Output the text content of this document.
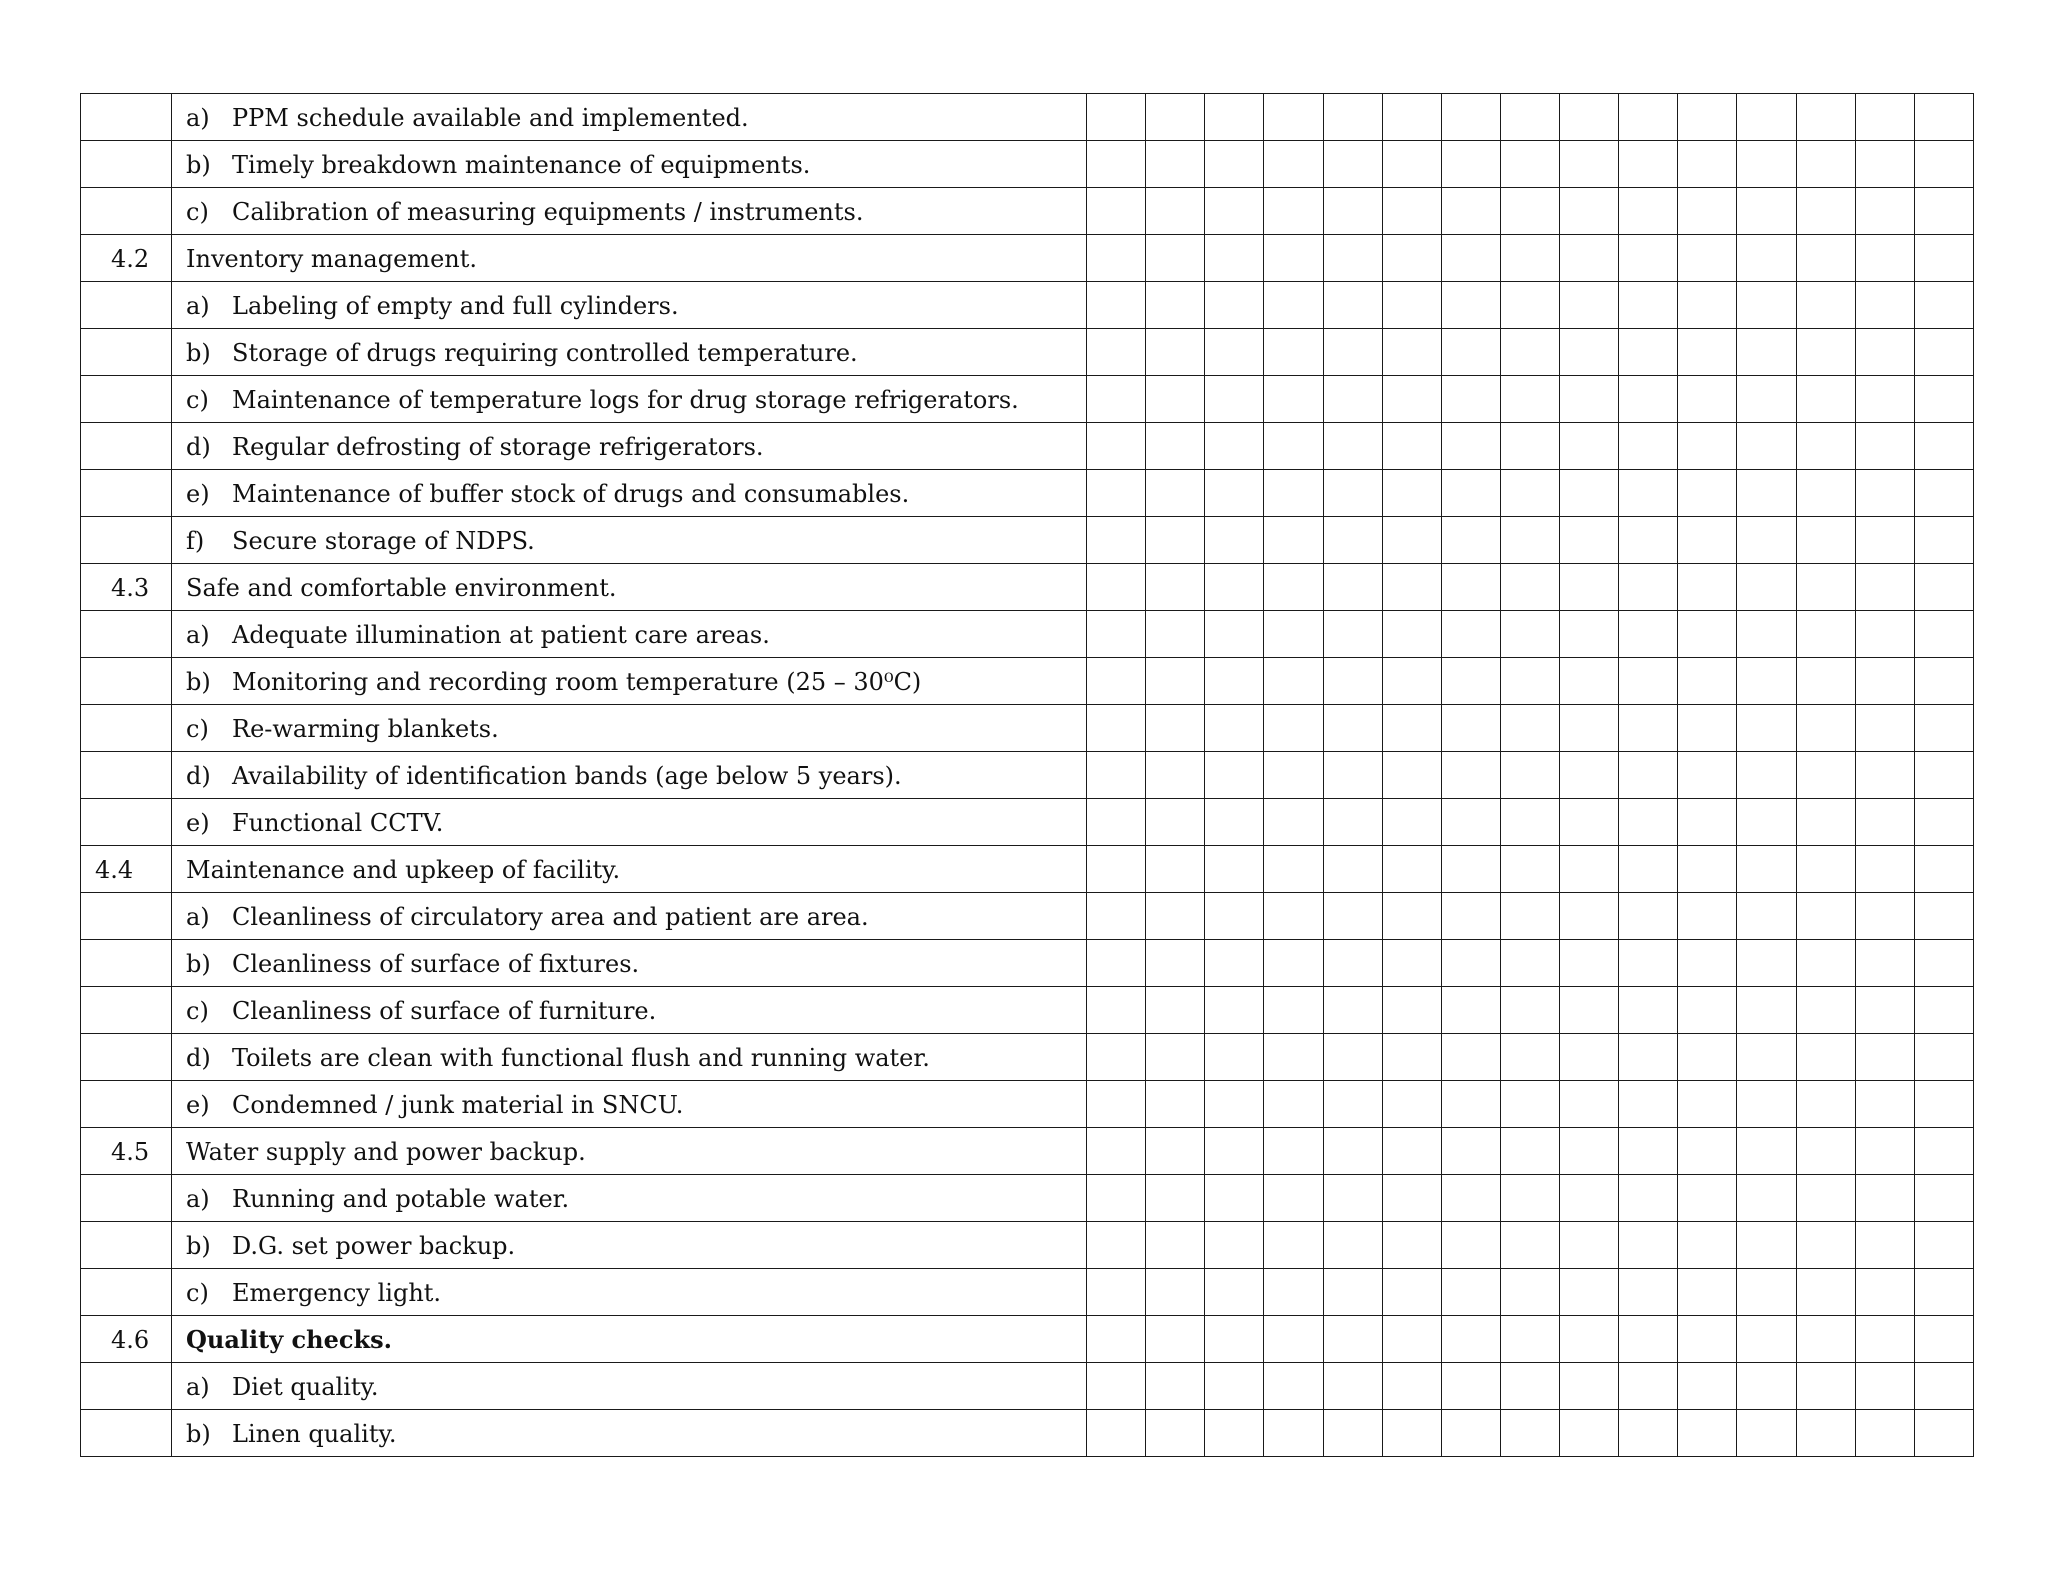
	a) PPM schedule available and implemented.															

	b) Timely breakdown maintenance of equipments.															

	c) Calibration of measuring equipments / instruments.															

4.2	Inventory management.															

	a) Labeling of empty and full cylinders.															

	b) Storage of drugs requiring controlled temperature.															

	c) Maintenance of temperature logs for drug storage refrigerators.															

	d) Regular defrosting of storage refrigerators.															

	e) Maintenance of buffer stock of drugs and consumables.															

	f) Secure storage of NDPS.															

4.3	Safe and comfortable environment.															

	a) Adequate illumination at patient care areas.															

	b) Monitoring and recording room temperature (25 – 30⁰C)															

	c) Re-warming blankets.															

	d) Availability of identification bands (age below 5 years).															

	e) Functional CCTV.															

4.4	Maintenance and upkeep of facility.															

	a) Cleanliness of circulatory area and patient are area.															

	b) Cleanliness of surface of fixtures.															

	c) Cleanliness of surface of furniture.															

	d) Toilets are clean with functional flush and running water.															

	e) Condemned / junk material in SNCU.															

4.5	Water supply and power backup.															

	a) Running and potable water.															

	b) D.G. set power backup.															

	c) Emergency light.															

4.6	Quality checks.															

	a) Diet quality.															

	b) Linen quality.															
